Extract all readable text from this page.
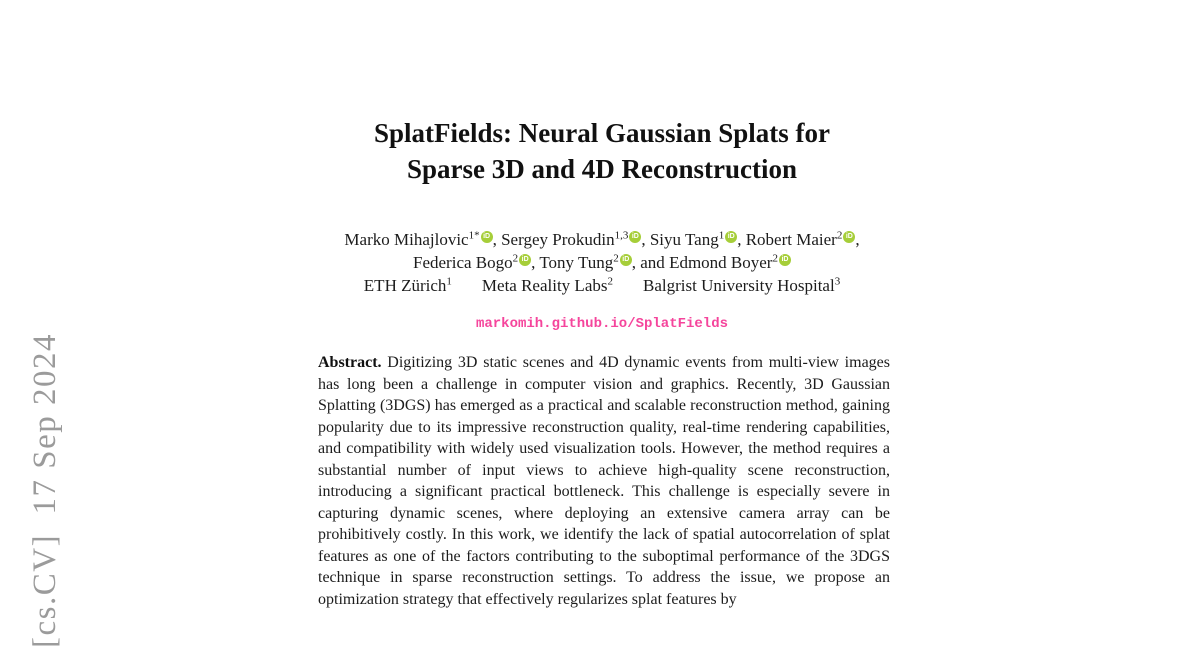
[cs.CV]  17 Sep 2024
SplatFields: Neural Gaussian Splats for
Sparse 3D and 4D Reconstruction
Marko Mihajlovic$^{1*}$ iD , Sergey Prokudin$^{1,3}$ iD , Siyu Tang$^1$ iD , Robert Maier$^2$ iD ,
Federica Bogo$^2$ iD , Tony Tung$^2$ iD , and Edmond Boyer$^2$ iD
ETH Zürich$^1$ Meta Reality Labs$^2$ Balgrist University Hospital$^3$
markomih.github.io/SplatFields
Abstract. Digitizing 3D static scenes and 4D dynamic events from multi-view images has long been a challenge in computer vision and graphics. Recently, 3D Gaussian Splatting (3DGS) has emerged as a practical and scalable reconstruction method, gaining popularity due to its impressive reconstruction quality, real-time rendering capabilities, and compatibility with widely used visualization tools. However, the method requires a substantial number of input views to achieve high-quality scene reconstruction, introducing a significant practical bottleneck. This challenge is especially severe in capturing dynamic scenes, where deploying an extensive camera array can be prohibitively costly. In this work, we identify the lack of spatial autocorrelation of splat features as one of the factors contributing to the suboptimal performance of the 3DGS technique in sparse reconstruction settings. To address the issue, we propose an optimization strategy that effectively regularizes splat features by
